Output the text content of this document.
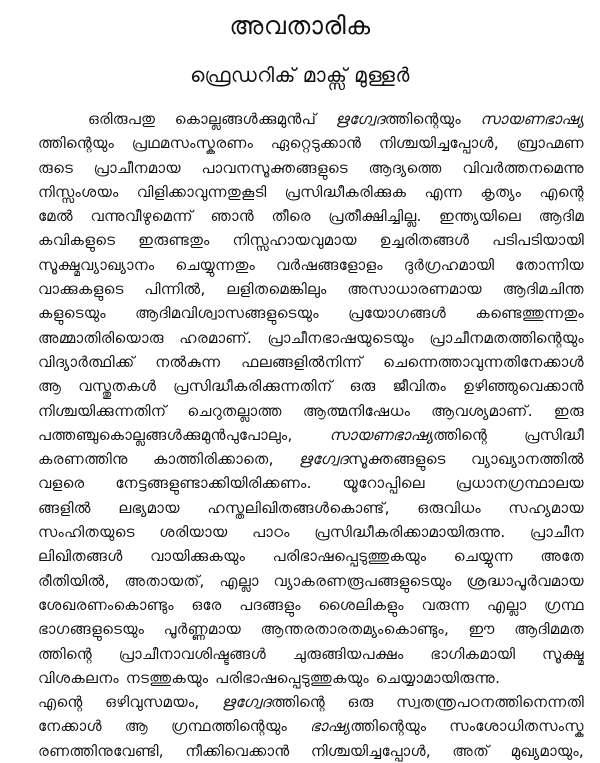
അവതാരിക
ഫ്രെഡറിക് മാക്സ് മുള്ളർ
ഒരിരുപതു കൊല്ലങ്ങൾക്കുമുൻപ് ഋഗ്വേദത്തിന്റെയും സായണഭാഷ്യ
ത്തിന്റെയും പ്രഥമസംസ്കരണം ഏറ്റെടുക്കാൻ നിശ്ചയിച്ചപ്പോൾ, ബ്രാഹ്മണ
രുടെ പ്രാചീനമായ പാവനസൂക്തങ്ങളുടെ ആദ്യത്തെ വിവർത്തനമെന്നു
നിസ്സംശയം വിളിക്കാവുന്നതുകൂടി പ്രസിദ്ധീകരിക്കുക എന്ന കൃത്യം എന്റെ
മേൽ വന്നുവീഴുമെന്ന് ഞാൻ തീരെ പ്രതീക്ഷിച്ചില്ല. ഇന്ത്യയിലെ ആദിമ
കവികളുടെ ഇരുണ്ടതും നിസ്സഹായവുമായ ഉച്ചരിതങ്ങൾ പടിപടിയായി
സൂക്ഷ്മവ്യാഖ്യാനം ചെയ്യുന്നതും വർഷങ്ങളോളം ദുർഗ്രഹമായി തോന്നിയ
വാക്കുകളുടെ പിന്നിൽ, ലളിതമെങ്കിലും അസാധാരണമായ ആദിമചിന്ത
കളുടെയും ആദിമവിശ്വാസങ്ങളുടെയും പ്രയോഗങ്ങൾ കണ്ടെത്തുന്നതും
അമ്മാതിരിയൊരു ഹരമാണ്. പ്രാചീനഭാഷയുടെയും പ്രാചീനമതത്തിന്റെയും
വിദ്യാർത്ഥിക്ക് നൽകുന്ന ഫലങ്ങളിൽനിന്ന് ചെന്നെത്താവുന്നതിനേക്കാൾ
ആ വസ്തുതകൾ പ്രസിദ്ധീകരിക്കുന്നതിന് ഒരു ജീവിതം ഉഴിഞ്ഞുവെക്കാൻ
നിശ്ചയിക്കുന്നതിന് ചെറുതല്ലാത്ത ആത്മനിഷേധം ആവശ്യമാണ്. ഇരു
പത്തഞ്ചുകൊല്ലങ്ങൾക്കുമുൻപുപോലും, സായണഭാഷ്യത്തിന്റെ പ്രസിദ്ധീ
കരണത്തിനു കാത്തിരിക്കാതെ, ഋഗ്വേദസൂക്തങ്ങളുടെ വ്യാഖ്യാനത്തിൽ
വളരെ നേട്ടങ്ങളുണ്ടാക്കിയിരിക്കണം. യൂറോപ്പിലെ പ്രധാനഗ്രന്ഥാലയ
ങ്ങളിൽ ലഭ്യമായ ഹസ്തലിഖിതങ്ങൾകൊണ്ട്, ഒരുവിധം സഹ്യമായ
സംഹിതയുടെ ശരിയായ പാഠം പ്രസിദ്ധീകരിക്കാമായിരുന്നു. പ്രാചീന
ലിഖിതങ്ങൾ വായിക്കുകയും പരിഭാഷപ്പെടുത്തുകയും ചെയ്യുന്ന അതേ
രീതിയിൽ, അതായത്, എല്ലാ വ്യാകരണരൂപങ്ങളുടെയും ശ്രദ്ധാപൂർവമായ
ശേഖരണംകൊണ്ടും ഒരേ പദങ്ങളും ശൈലികളും വരുന്ന എല്ലാ ഗ്രന്ഥ
ഭാഗങ്ങളുടെയും പൂർണ്ണമായ ആന്തരതാരതമ്യംകൊണ്ടും, ഈ ആദിമമത
ത്തിന്റെ പ്രാചീനാവശിഷ്ടങ്ങൾ ചുരുങ്ങിയപക്ഷം ഭാഗികമായി സൂക്ഷ്മ
വിശകലനം നടത്തുകയും പരിഭാഷപ്പെടുത്തുകയും ചെയ്യാമായിരുന്നു.
എന്റെ ഒഴിവുസമയം, ഋഗ്വേദത്തിന്റെ ഒരു സ്വതന്ത്രപഠനത്തിനെന്നതി
നേക്കാൾ ആ ഗ്രന്ഥത്തിന്റെയും ഭാഷ്യത്തിന്റെയും സംശോധിതസംസ്ക
രണത്തിനുവേണ്ടി, നീക്കിവെക്കാൻ നിശ്ചയിച്ചപ്പോൾ, അത് മുഖ്യമായും,
